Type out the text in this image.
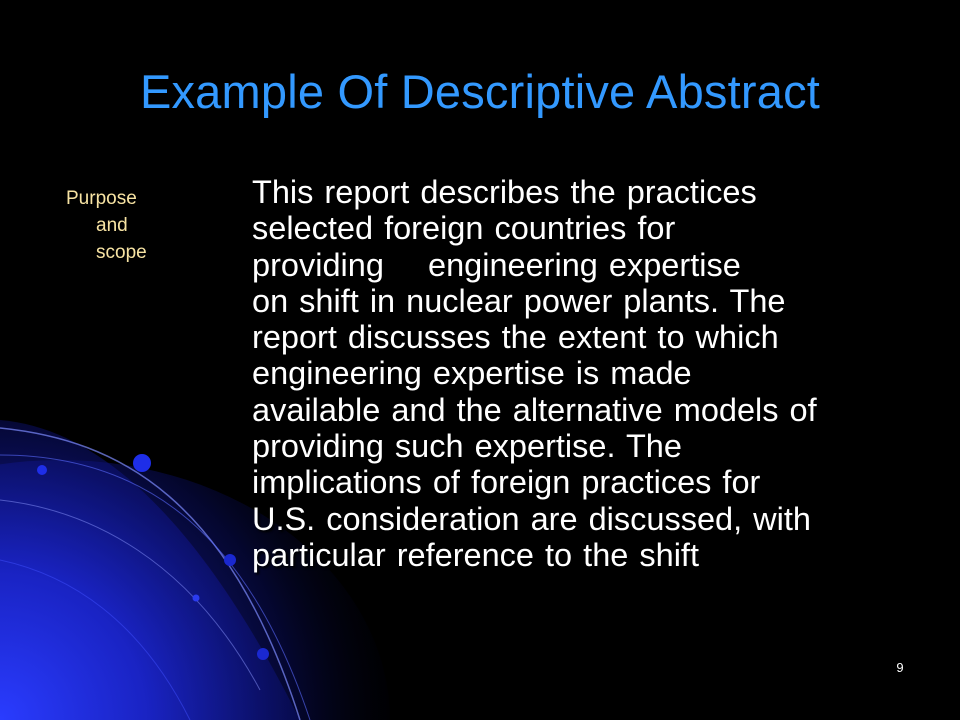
Example Of Descriptive Abstract
Purpose
and
scope
This report describes the practices
selected foreign countries for
providing    engineering expertise
on shift in nuclear power plants. The
report discusses the extent to which
engineering expertise is made
available and the alternative models of
providing such expertise. The
implications of foreign practices for
U.S. consideration are discussed, with
particular reference to the shift
9
